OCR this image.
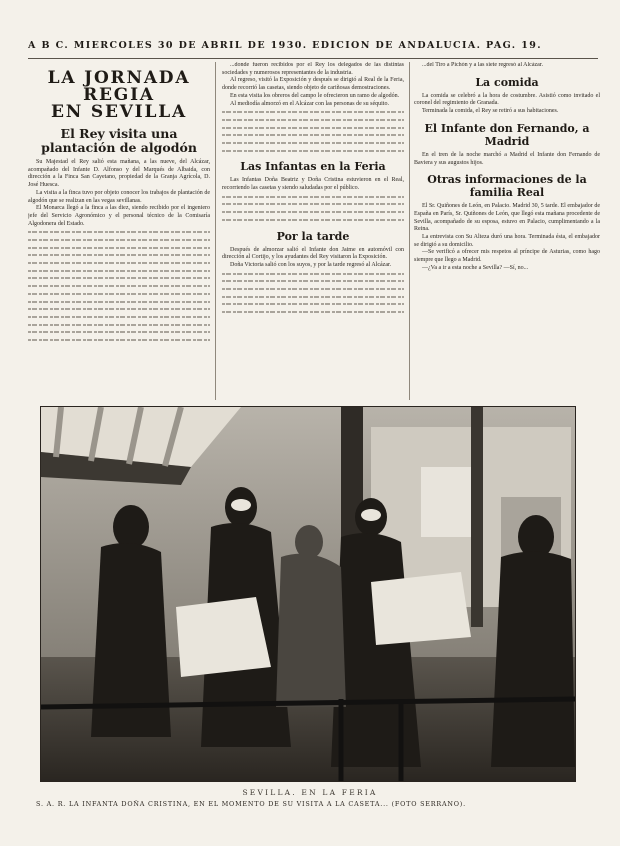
A B C. MIERCOLES 30 DE ABRIL DE 1930. EDICION DE ANDALUCIA. PAG. 19.
LA JORNADA REGIA
EN SEVILLA
El Rey visita una plantación de algodón

Su Majestad el Rey salió esta mañana, a las nueve, del Alcázar, acompañado del Infante D. Alfonso y del Marqués de Albaida, con dirección a la Finca San Cayetano, propiedad de la Granja Agrícola, D. José Huesca.

La visita a la finca tuvo por objeto conocer los trabajos de plantación de algodón que se realizan en las vegas sevillanas.

El Monarca llegó a la finca a las diez, siendo recibido por el ingeniero jefe del Servicio Agronómico y el personal técnico de la Comisaría Algodonera del Estado.

...donde fueron recibidos por el Rey los delegados de las distintas sociedades y numerosos representantes de la industria.

Al regreso, visitó la Exposición y después se dirigió al Real de la Feria, donde recorrió las casetas, siendo objeto de cariñosas demostraciones.

En esta visita los obreros del campo le ofrecieron un ramo de algodón.

Al mediodía almorzó en el Alcázar con las personas de su séquito.

Las Infantas en la Feria

Las Infantas Doña Beatriz y Doña Cristina estuvieron en el Real, recorriendo las casetas y siendo saludadas por el público.

Por la tarde

Después de almorzar salió el Infante don Jaime en automóvil con dirección al Cortijo, y los ayudantes del Rey visitaron la Exposición.

Doña Victoria salió con los suyos, y por la tarde regresó al Alcázar.

...del Tiro a Pichón y a las siete regresó al Alcázar.

La comida

La comida se celebró a la hora de costumbre. Asistió como invitado el coronel del regimiento de Granada.

Terminada la comida, el Rey se retiró a sus habitaciones.

El Infante don Fernando, a Madrid

En el tren de la noche marchó a Madrid el Infante don Fernando de Baviera y sus augustos hijos.

Otras informaciones de la familia Real

El Sr. Quiñones de León, en Palacio. Madrid 30, 5 tarde. El embajador de España en París, Sr. Quiñones de León, que llegó esta mañana procedente de Sevilla, acompañado de su esposa, estuvo en Palacio, cumplimentando a la Reina.

La entrevista con Su Alteza duró una hora. Terminada ésta, el embajador se dirigió a su domicilio.

—Se verificó a ofrecer mis respetos al príncipe de Asturias, como hago siempre que llego a Madrid.

—¿Va a ir a esta noche a Sevilla? —Sí, no...

SEVILLA. EN LA FERIA
S. A. R. LA INFANTA DOÑA CRISTINA, EN EL MOMENTO DE SU VISITA A LA CASETA... (FOTO SERRANO).
